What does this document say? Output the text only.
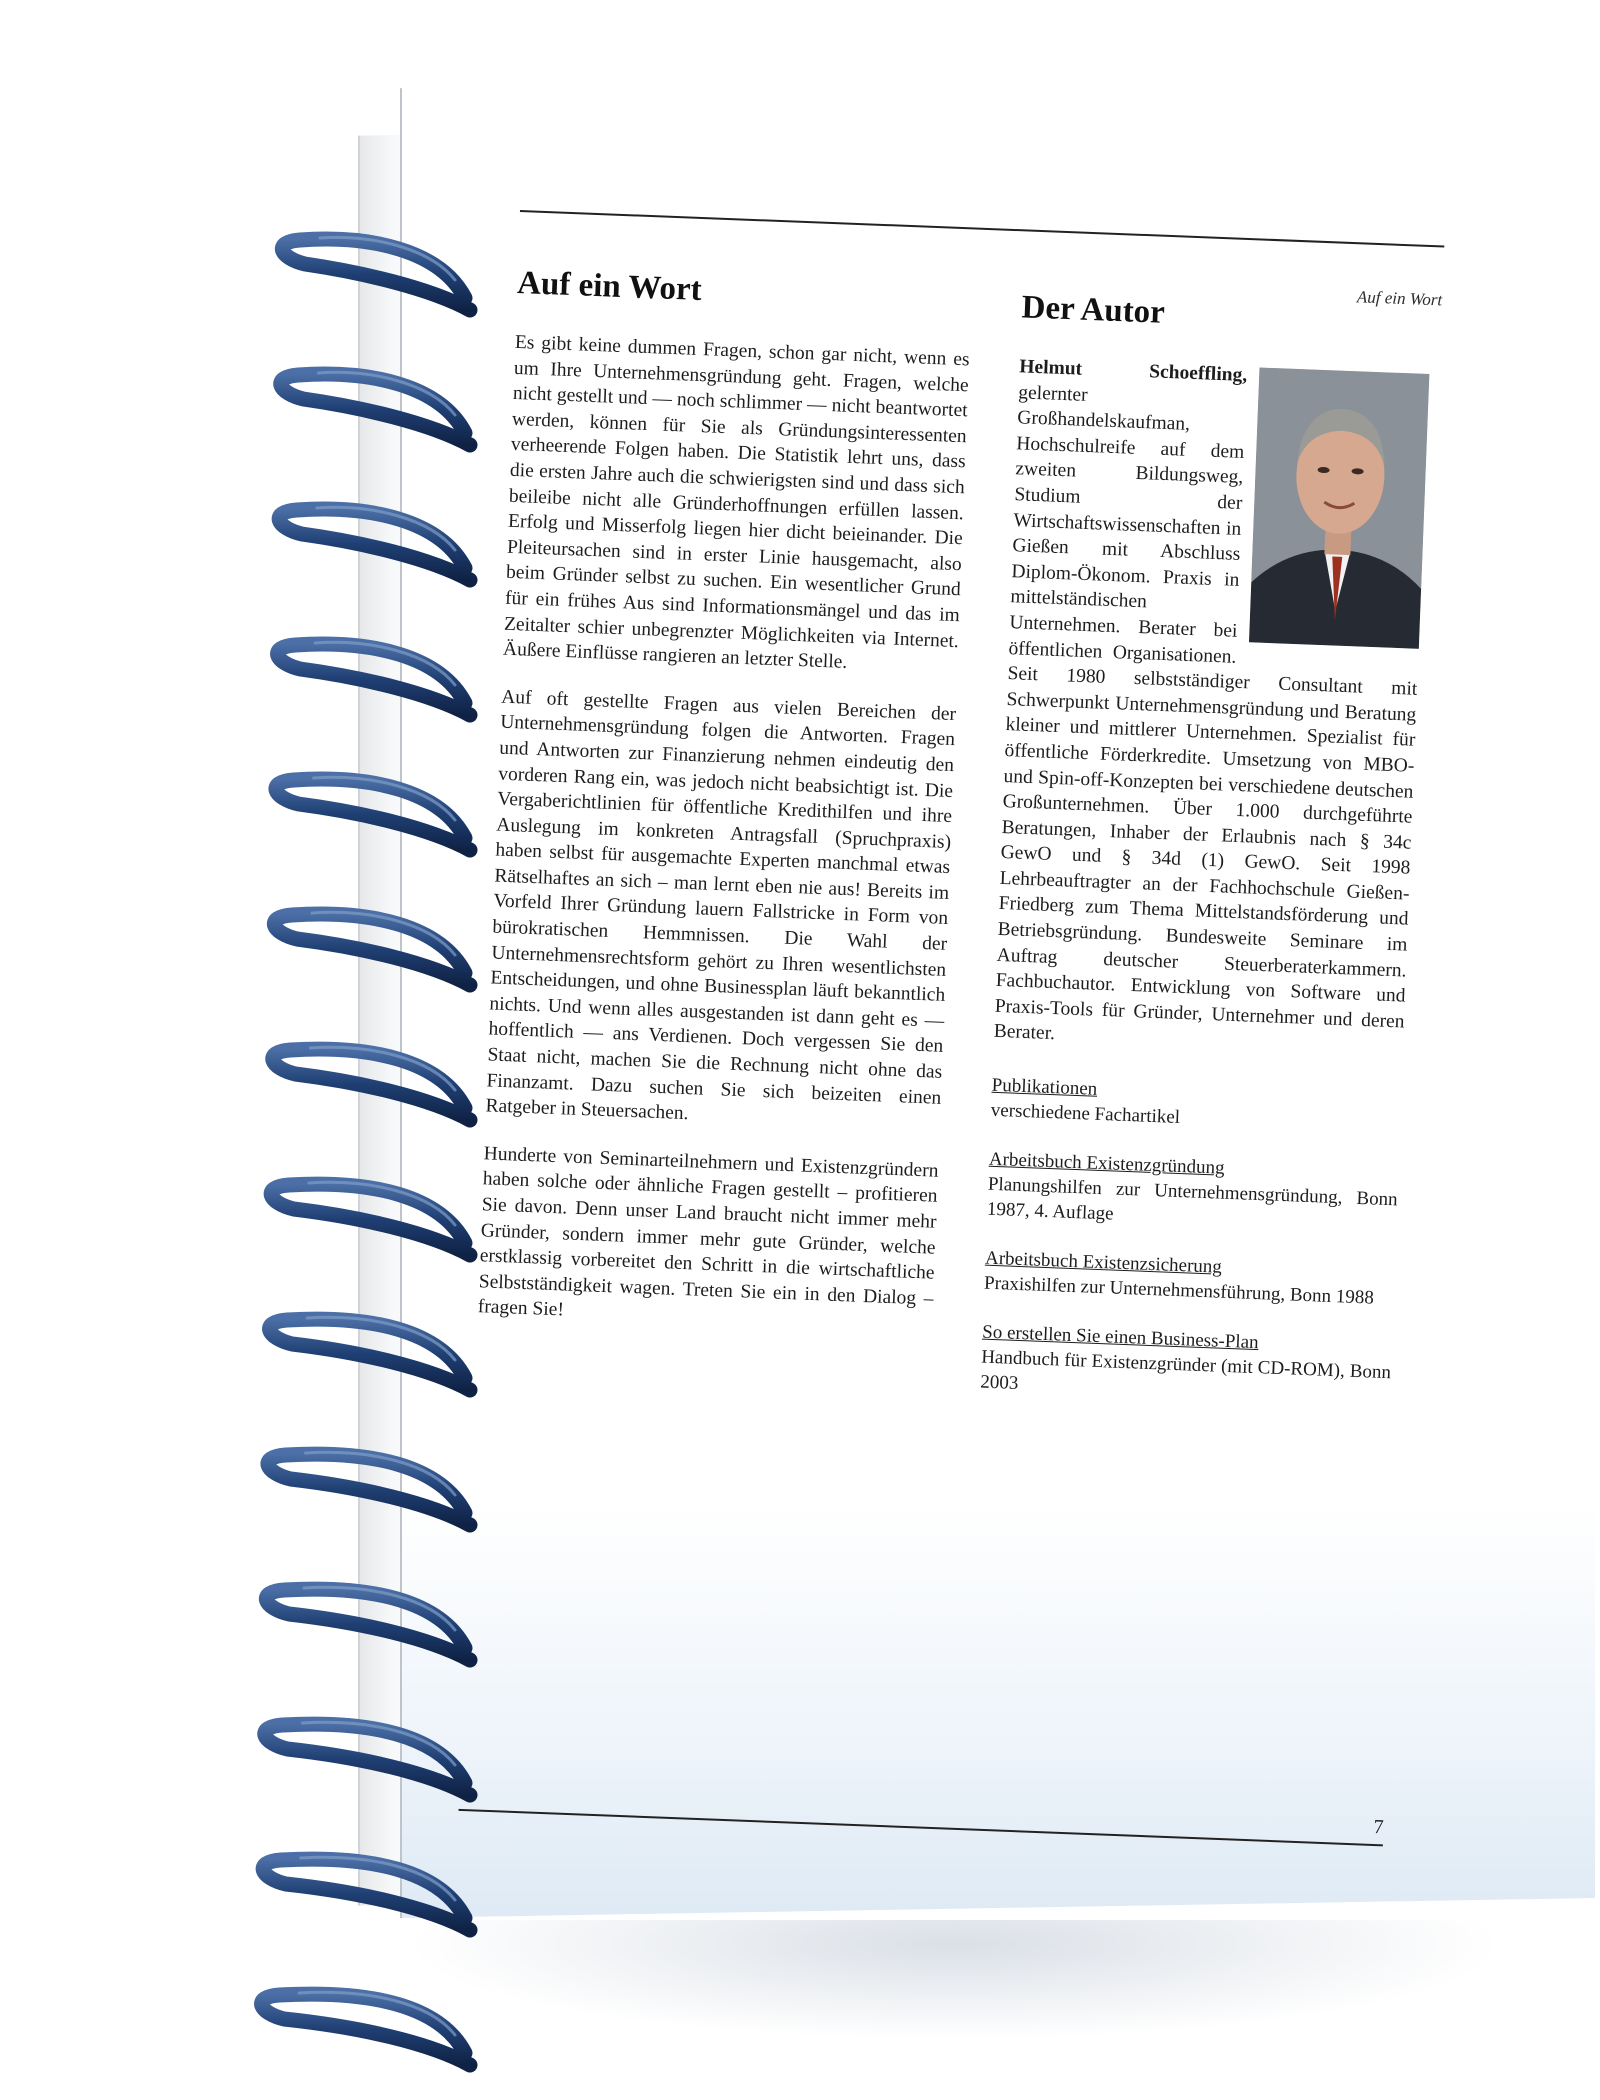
Auf ein Wort
Auf ein Wort

Es gibt keine dummen Fragen, schon gar nicht, wenn es um Ihre Unternehmensgründung geht. Fragen, welche nicht gestellt und — noch schlimmer — nicht beantwortet werden, können für Sie als Gründungsinteressenten verheerende Folgen haben. Die Statistik lehrt uns, dass die ersten Jahre auch die schwierigsten sind und dass sich beileibe nicht alle Gründerhoffnungen erfüllen lassen. Erfolg und Misserfolg liegen hier dicht beieinander. Die Pleiteursachen sind in erster Linie hausgemacht, also beim Gründer selbst zu suchen. Ein wesentlicher Grund für ein frühes Aus sind Informationsmängel und das im Zeitalter schier unbegrenzter Möglichkeiten via Internet. Äußere Einflüsse rangieren an letzter Stelle.

Auf oft gestellte Fragen aus vielen Bereichen der Unternehmensgründung folgen die Antworten. Fragen und Antworten zur Finanzierung nehmen eindeutig den vorderen Rang ein, was jedoch nicht beabsichtigt ist. Die Vergaberichtlinien für öffentliche Kredithilfen und ihre Auslegung im konkreten Antragsfall (Spruchpraxis) haben selbst für ausgemachte Experten manchmal etwas Rätselhaftes an sich – man lernt eben nie aus! Bereits im Vorfeld Ihrer Gründung lauern Fallstricke in Form von bürokratischen Hemmnissen. Die Wahl der Unternehmensrechtsform gehört zu Ihren wesentlichsten Entscheidungen, und ohne Businessplan läuft bekanntlich nichts. Und wenn alles ausgestanden ist dann geht es — hoffentlich — ans Verdienen. Doch vergessen Sie den Staat nicht, machen Sie die Rechnung nicht ohne das Finanzamt. Dazu suchen Sie sich beizeiten einen Ratgeber in Steuersachen.

Hunderte von Seminarteilnehmern und Existenzgründern haben solche oder ähnliche Fragen gestellt – profitieren Sie davon. Denn unser Land braucht nicht immer mehr Gründer, sondern immer mehr gute Gründer, welche erstklassig vorbereitet den Schritt in die wirtschaftliche Selbstständigkeit wagen. Treten Sie ein in den Dialog – fragen Sie!

Der Autor
Helmut Schoeffling, gelernter Großhandelskaufman, Hochschulreife auf dem zweiten Bildungsweg, Studium der Wirtschaftswissenschaften in Gießen mit Abschluss Diplom-Ökonom. Praxis in mittelständischen Unternehmen. Berater bei öffentlichen Organisationen. Seit 1980 selbstständiger Consultant mit Schwerpunkt Unternehmensgründung und Beratung kleiner und mittlerer Unternehmen. Spezialist für öffentliche Förderkredite. Umsetzung von MBO- und Spin-off-Konzepten bei verschiedene deutschen Großunternehmen. Über 1.000 durchgeführte Beratungen, Inhaber der Erlaubnis nach § 34c GewO und § 34d (1) GewO. Seit 1998 Lehrbeauftragter an der Fachhochschule Gießen-Friedberg zum Thema Mittelstandsförderung und Betriebsgründung. Bundesweite Seminare im Auftrag deutscher Steuerberaterkammern. Fachbuchautor. Entwicklung von Software und Praxis-Tools für Gründer, Unternehmer und deren Berater.
Publikationen
verschiedene Fachartikel
Arbeitsbuch Existenzgründung
Planungshilfen zur Unternehmensgründung, Bonn 1987, 4. Auflage
Arbeitsbuch Existenzsicherung
Praxishilfen zur Unternehmensführung, Bonn 1988
So erstellen Sie einen Business-Plan
Handbuch für Existenzgründer (mit CD-ROM), Bonn 2003
7
